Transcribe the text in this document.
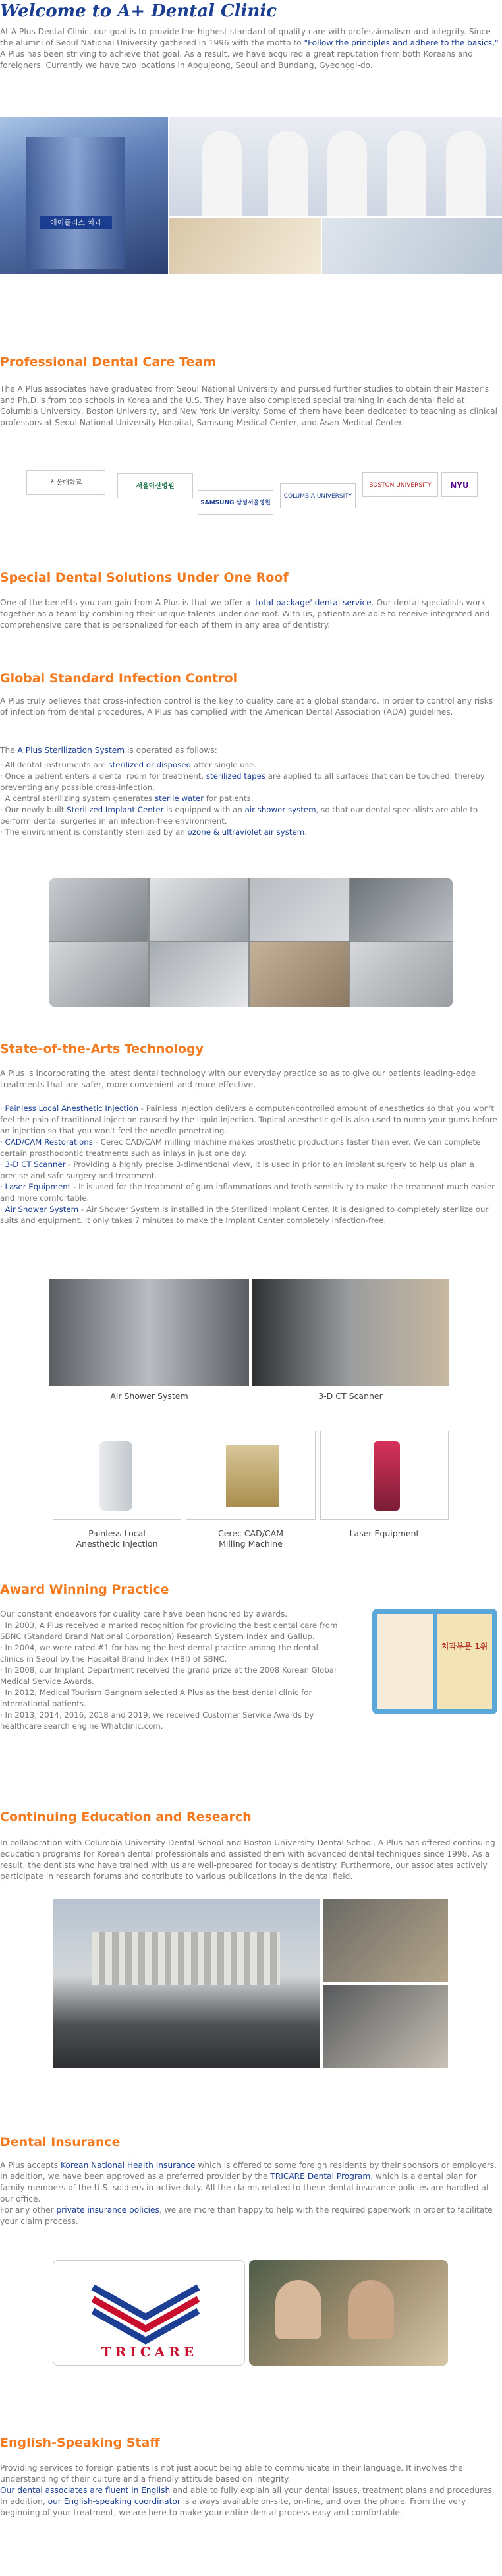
Welcome to A+ Dental Clinic

At A Plus Dental Clinic, our goal is to provide the highest standard of quality care with professionalism and integrity. Since the alumni of Seoul National University gathered in 1996 with the motto to "Follow the principles and adhere to the basics," A Plus has been striving to achieve that goal. As a result, we have acquired a great reputation from both Koreans and foreigners. Currently we have two locations in Apgujeong, Seoul and Bundang, Gyeonggi-do.

에이플러스 치과
Professional Dental Care Team

The A Plus associates have graduated from Seoul National University and pursued further studies to obtain their Master's and Ph.D.'s from top schools in Korea and the U.S. They have also completed special training in each dental field at Columbia University, Boston University, and New York University. Some of them have been dedicated to teaching as clinical professors at Seoul National University Hospital, Samsung Medical Center, and Asan Medical Center.

서울대학교	서울아산병원
SAMSUNG 삼성서울병원
COLUMBIA UNIVERSITY
BOSTON UNIVERSITY	NYU
Special Dental Solutions Under One Roof

One of the benefits you can gain from A Plus is that we offer a 'total package' dental service. Our dental specialists work together as a team by combining their unique talents under one roof. With us, patients are able to receive integrated and comprehensive care that is personalized for each of them in any area of dentistry.

Global Standard Infection Control

A Plus truly believes that cross-infection control is the key to quality care at a global standard. In order to control any risks of infection from dental procedures, A Plus has complied with the American Dental Association (ADA) guidelines.

The A Plus Sterilization System is operated as follows:

· All dental instruments are sterilized or disposed after single use.
· Once a patient enters a dental room for treatment, sterilized tapes are applied to all surfaces that can be touched, thereby preventing any possible cross-infection.
· A central sterilizing system generates sterile water for patients.
· Our newly built Sterilized Implant Center is equipped with an air shower system, so that our dental specialists are able to perform dental surgeries in an infection-free environment.
· The environment is constantly sterilized by an ozone & ultraviolet air system.
State-of-the-Arts Technology

A Plus is incorporating the latest dental technology with our everyday practice so as to give our patients leading-edge treatments that are safer, more convenient and more effective.

· Painless Local Anesthetic Injection - Painless injection delivers a computer-controlled amount of anesthetics so that you won't feel the pain of traditional injection caused by the liquid injection. Topical anesthetic gel is also used to numb your gums before an injection so that you won't feel the needle penetrating.
· CAD/CAM Restorations - Cerec CAD/CAM milling machine makes prosthetic productions faster than ever. We can complete certain prosthodontic treatments such as inlays in just one day.
· 3-D CT Scanner - Providing a highly precise 3-dimentional view, it is used in prior to an implant surgery to help us plan a precise and safe surgery and treatment.
· Laser Equipment - It is used for the treatment of gum inflammations and teeth sensitivity to make the treatment much easier and more comfortable.
· Air Shower System - Air Shower System is installed in the Sterilized Implant Center. It is designed to completely sterilize our suits and equipment. It only takes 7 minutes to make the Implant Center completely infection-free.
Air Shower System	3-D CT Scanner
Painless Local
Anesthetic Injection
Cerec CAD/CAM
Milling Machine
Laser Equipment
Award Winning Practice

Our constant endeavors for quality care have been honored by awards.

· In 2003, A Plus received a marked recognition for providing the best dental care from SBNC (Standard Brand National Corporation) Research System Index and Gallup.
· In 2004, we were rated #1 for having the best dental practice among the dental clinics in Seoul by the Hospital Brand Index (HBI) of SBNC.
· In 2008, our Implant Department received the grand prize at the 2008 Korean Global Medical Service Awards.
· In 2012, Medical Tourism Gangnam selected A Plus as the best dental clinic for international patients.
· In 2013, 2014, 2016, 2018 and 2019, we received Customer Service Awards by healthcare search engine Whatclinic.com.
치과부문 1위
Continuing Education and Research

In collaboration with Columbia University Dental School and Boston University Dental School, A Plus has offered continuing education programs for Korean dental professionals and assisted them with advanced dental techniques since 1998. As a result, the dentists who have trained with us are well-prepared for today's dentistry. Furthermore, our associates actively participate in research forums and contribute to various publications in the dental field.

Dental Insurance

A Plus accepts Korean National Health Insurance which is offered to some foreign residents by their sponsors or employers. In addition, we have been approved as a preferred provider by the TRICARE Dental Program, which is a dental plan for family members of the U.S. soldiers in active duty. All the claims related to these dental insurance policies are handled at our office.

For any other private insurance policies, we are more than happy to help with the required paperwork in order to facilitate your claim process.

TRICARE
English-Speaking Staff

Providing services to foreign patients is not just about being able to communicate in their language. It involves the understanding of their culture and a friendly attitude based on integrity.

Our dental associates are fluent in English and able to fully explain all your dental issues, treatment plans and procedures. In addition, our English-speaking coordinator is always available on-site, on-line, and over the phone. From the very beginning of your treatment, we are here to make your entire dental process easy and comfortable.
